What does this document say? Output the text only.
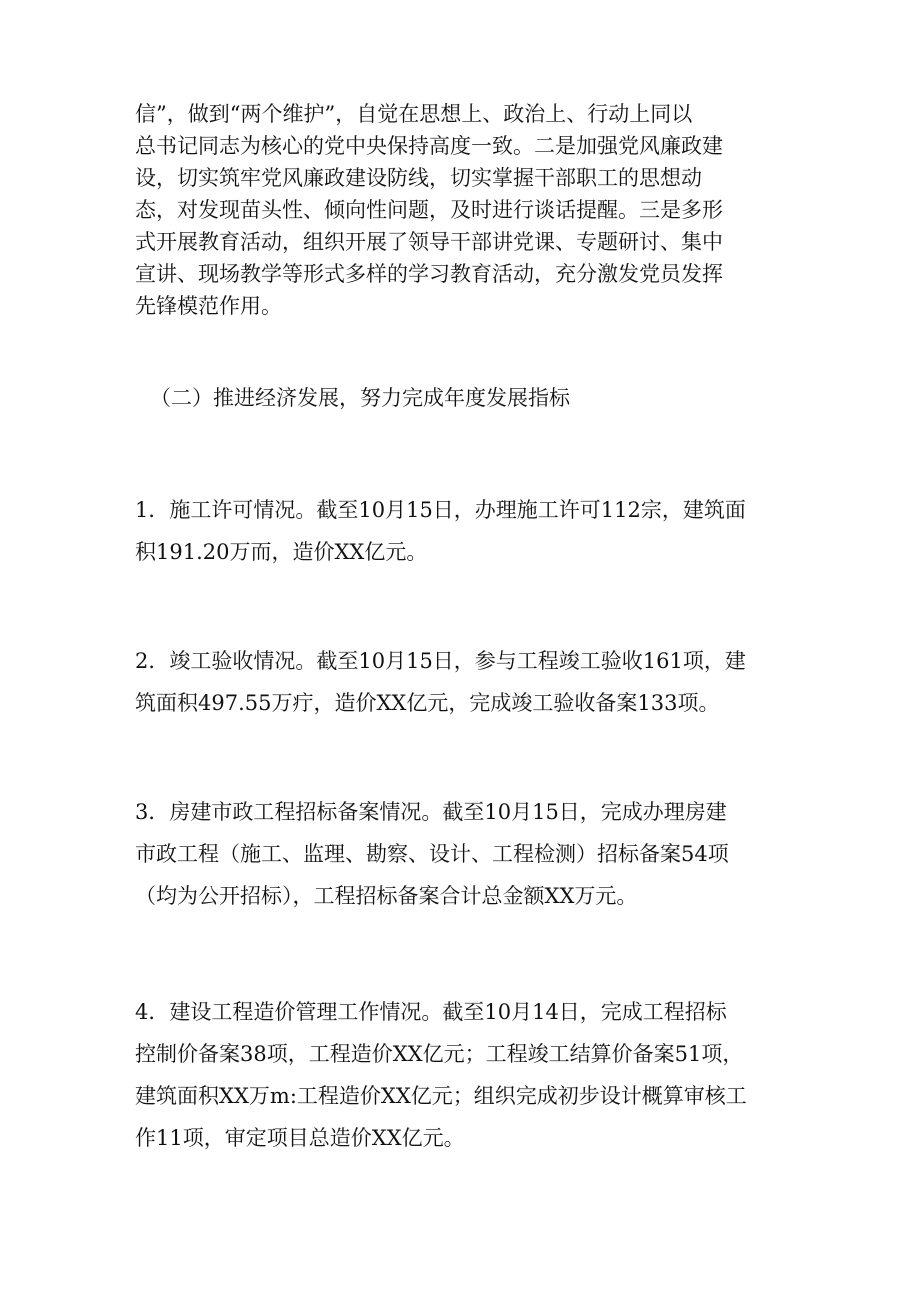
信”，做到“两个维护”，自觉在思想上、政治上、行动上同以
总书记同志为核心的党中央保持高度一致。二是加强党风廉政建
设，切实筑牢党风廉政建设防线，切实掌握干部职工的思想动
态，对发现苗头性、倾向性问题，及时进行谈话提醒。三是多形
式开展教育活动，组织开展了领导干部讲党课、专题研讨、集中
宣讲、现场教学等形式多样的学习教育活动，充分激发党员发挥
先锋模范作用。

（二）推进经济发展，努力完成年度发展指标

1．施工许可情况。截至10月15日，办理施工许可112宗，建筑面
积191.20万而，造价XX亿元。

2．竣工验收情况。截至10月15日，参与工程竣工验收161项，建
筑面积497.55万疔，造价XX亿元，完成竣工验收备案133项。

3．房建市政工程招标备案情况。截至10月15日，完成办理房建
市政工程（施工、监理、勘察、设计、工程检测）招标备案54项
（均为公开招标），工程招标备案合计总金额XX万元。

4．建设工程造价管理工作情况。截至10月14日，完成工程招标
控制价备案38项，工程造价XX亿元；工程竣工结算价备案51项，
建筑面积XX万m:工程造价XX亿元；组织完成初步设计概算审核工
作11项，审定项目总造价XX亿元。
